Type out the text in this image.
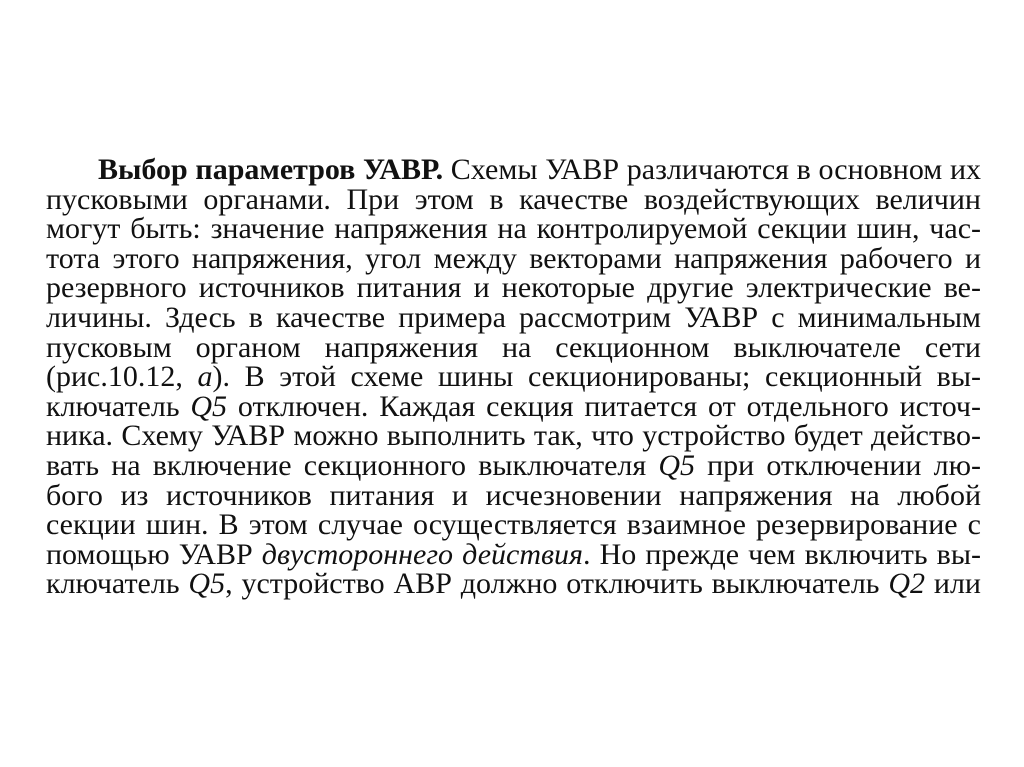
Выбор параметров УАВР. Схемы УАВР различаются в основном их
пусковыми органами. При этом в качестве воздействующих величин
могут быть: значение напряжения на контролируемой секции шин, час-
тота этого напряжения, угол между векторами напряжения рабочего и
резервного источников питания и некоторые другие электрические ве-
личины. Здесь в качестве примера рассмотрим УАВР с минимальным
пусковым органом напряжения на секционном выключателе сети
(рис.10.12, а). В этой схеме шины секционированы; секционный вы-
ключатель Q5 отключен. Каждая секция питается от отдельного источ-
ника. Схему УАВР можно выполнить так, что устройство будет действо-
вать на включение секционного выключателя Q5 при отключении лю-
бого из источников питания и исчезновении напряжения на любой
секции шин. В этом случае осуществляется взаимное резервирование с
помощью УАВР двустороннего действия. Но прежде чем включить вы-
ключатель Q5, устройство АВР должно отключить выключатель Q2 или
